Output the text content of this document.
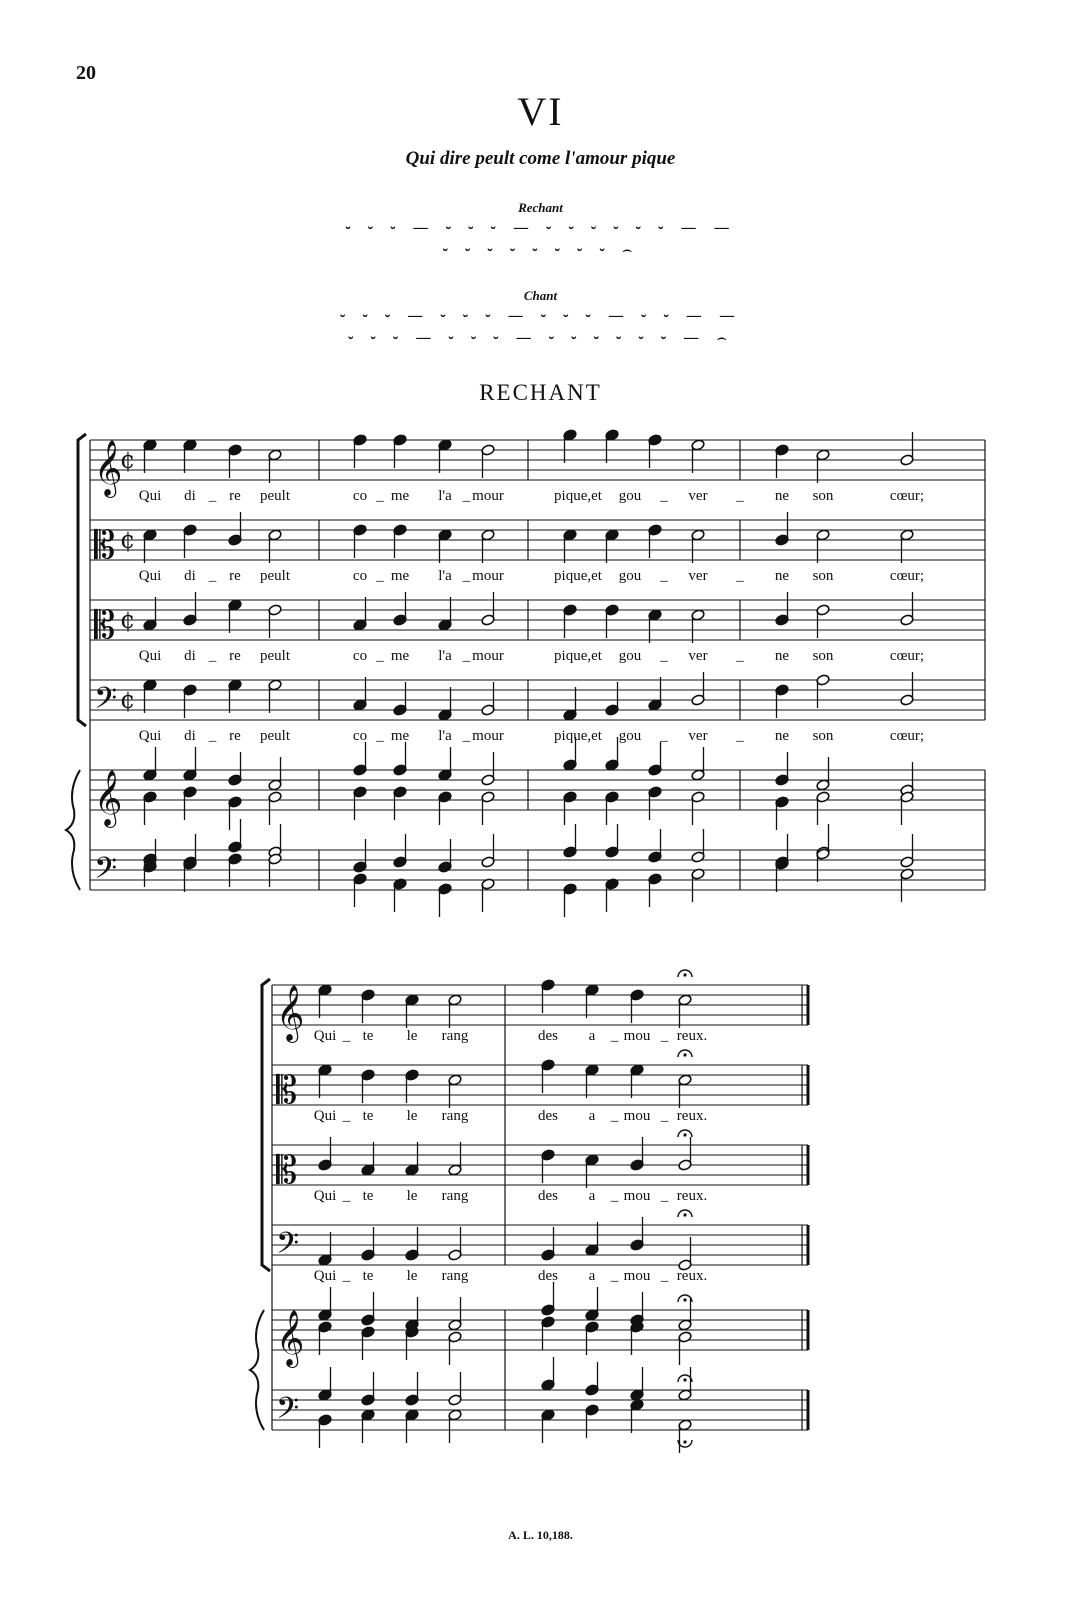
20
VI
Qui dire peult come l'amour pique
Rechant
⏑ ⏑ ⏑ — ⏑ ⏑ ⏑ — ⏑ ⏑ ⏑ ⏑ ⏑ ⏑ — —
⏑ ⏑ ⏑ ⏑ ⏑ ⏑ ⏑ ⏑ ⌢
Chant
⏑ ⏑ ⏑ — ⏑ ⏑ ⏑ — ⏑ ⏑ ⏑ — ⏑ ⏑ — —
⏑ ⏑ ⏑ — ⏑ ⏑ ⏑ — ⏑ ⏑ ⏑ ⏑ ⏑ ⏑ — ⌢
RECHANT
𝄞
¢
𝄡 ¢
𝄡 ¢
𝄢 ¢
𝄞
𝄢
𝄞
𝄡
𝄡
𝄢
𝄞
𝄢
Qui di _ re peult	co _ me l'a _ mour	pique,et gou _ ver _ ne son	cœur;
Qui di _ re peult	co _ me l'a _ mour	pique,et gou _ ver _ ne son	cœur;
Qui di _ re peult	co _ me l'a _ mour	pique,et gou _ ver _ ne son	cœur;
Qui di _ re peult	co _ me l'a _ mour	pique,et gou _ ver _ ne son	cœur;
Qui _ te le rang	des a _ mou _ reux.
Qui _ te le rang	des a _ mou _ reux.
Qui _ te le rang	des a _ mou _ reux.
Qui _ te le rang	des a _ mou _ reux.
A. L. 10,188.
